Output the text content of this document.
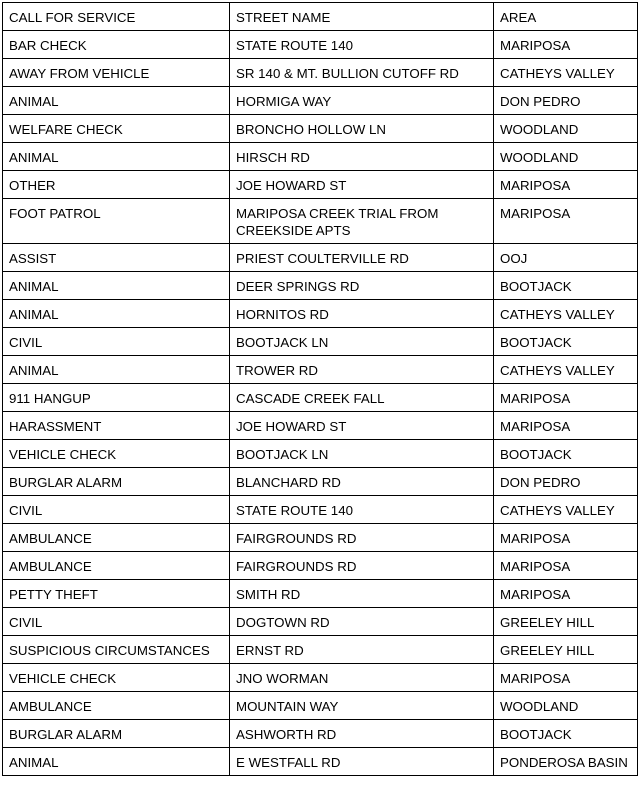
CALL FOR SERVICE	STREET NAME	AREA
BAR CHECK	STATE ROUTE 140	MARIPOSA
AWAY FROM VEHICLE	SR 140 & MT. BULLION CUTOFF RD	CATHEYS VALLEY
ANIMAL	HORMIGA WAY	DON PEDRO
WELFARE CHECK	BRONCHO HOLLOW LN	WOODLAND
ANIMAL	HIRSCH RD	WOODLAND
OTHER	JOE HOWARD ST	MARIPOSA
FOOT PATROL	MARIPOSA CREEK TRIAL FROM CREEKSIDE APTS	MARIPOSA
ASSIST	PRIEST COULTERVILLE RD	OOJ
ANIMAL	DEER SPRINGS RD	BOOTJACK
ANIMAL	HORNITOS RD	CATHEYS VALLEY
CIVIL	BOOTJACK LN	BOOTJACK
ANIMAL	TROWER RD	CATHEYS VALLEY
911 HANGUP	CASCADE CREEK FALL	MARIPOSA
HARASSMENT	JOE HOWARD ST	MARIPOSA
VEHICLE CHECK	BOOTJACK LN	BOOTJACK
BURGLAR ALARM	BLANCHARD RD	DON PEDRO
CIVIL	STATE ROUTE 140	CATHEYS VALLEY
AMBULANCE	FAIRGROUNDS RD	MARIPOSA
AMBULANCE	FAIRGROUNDS RD	MARIPOSA
PETTY THEFT	SMITH RD	MARIPOSA
CIVIL	DOGTOWN RD	GREELEY HILL
SUSPICIOUS CIRCUMSTANCES	ERNST RD	GREELEY HILL
VEHICLE CHECK	JNO WORMAN	MARIPOSA
AMBULANCE	MOUNTAIN WAY	WOODLAND
BURGLAR ALARM	ASHWORTH RD	BOOTJACK
ANIMAL	E WESTFALL RD	PONDEROSA BASIN
